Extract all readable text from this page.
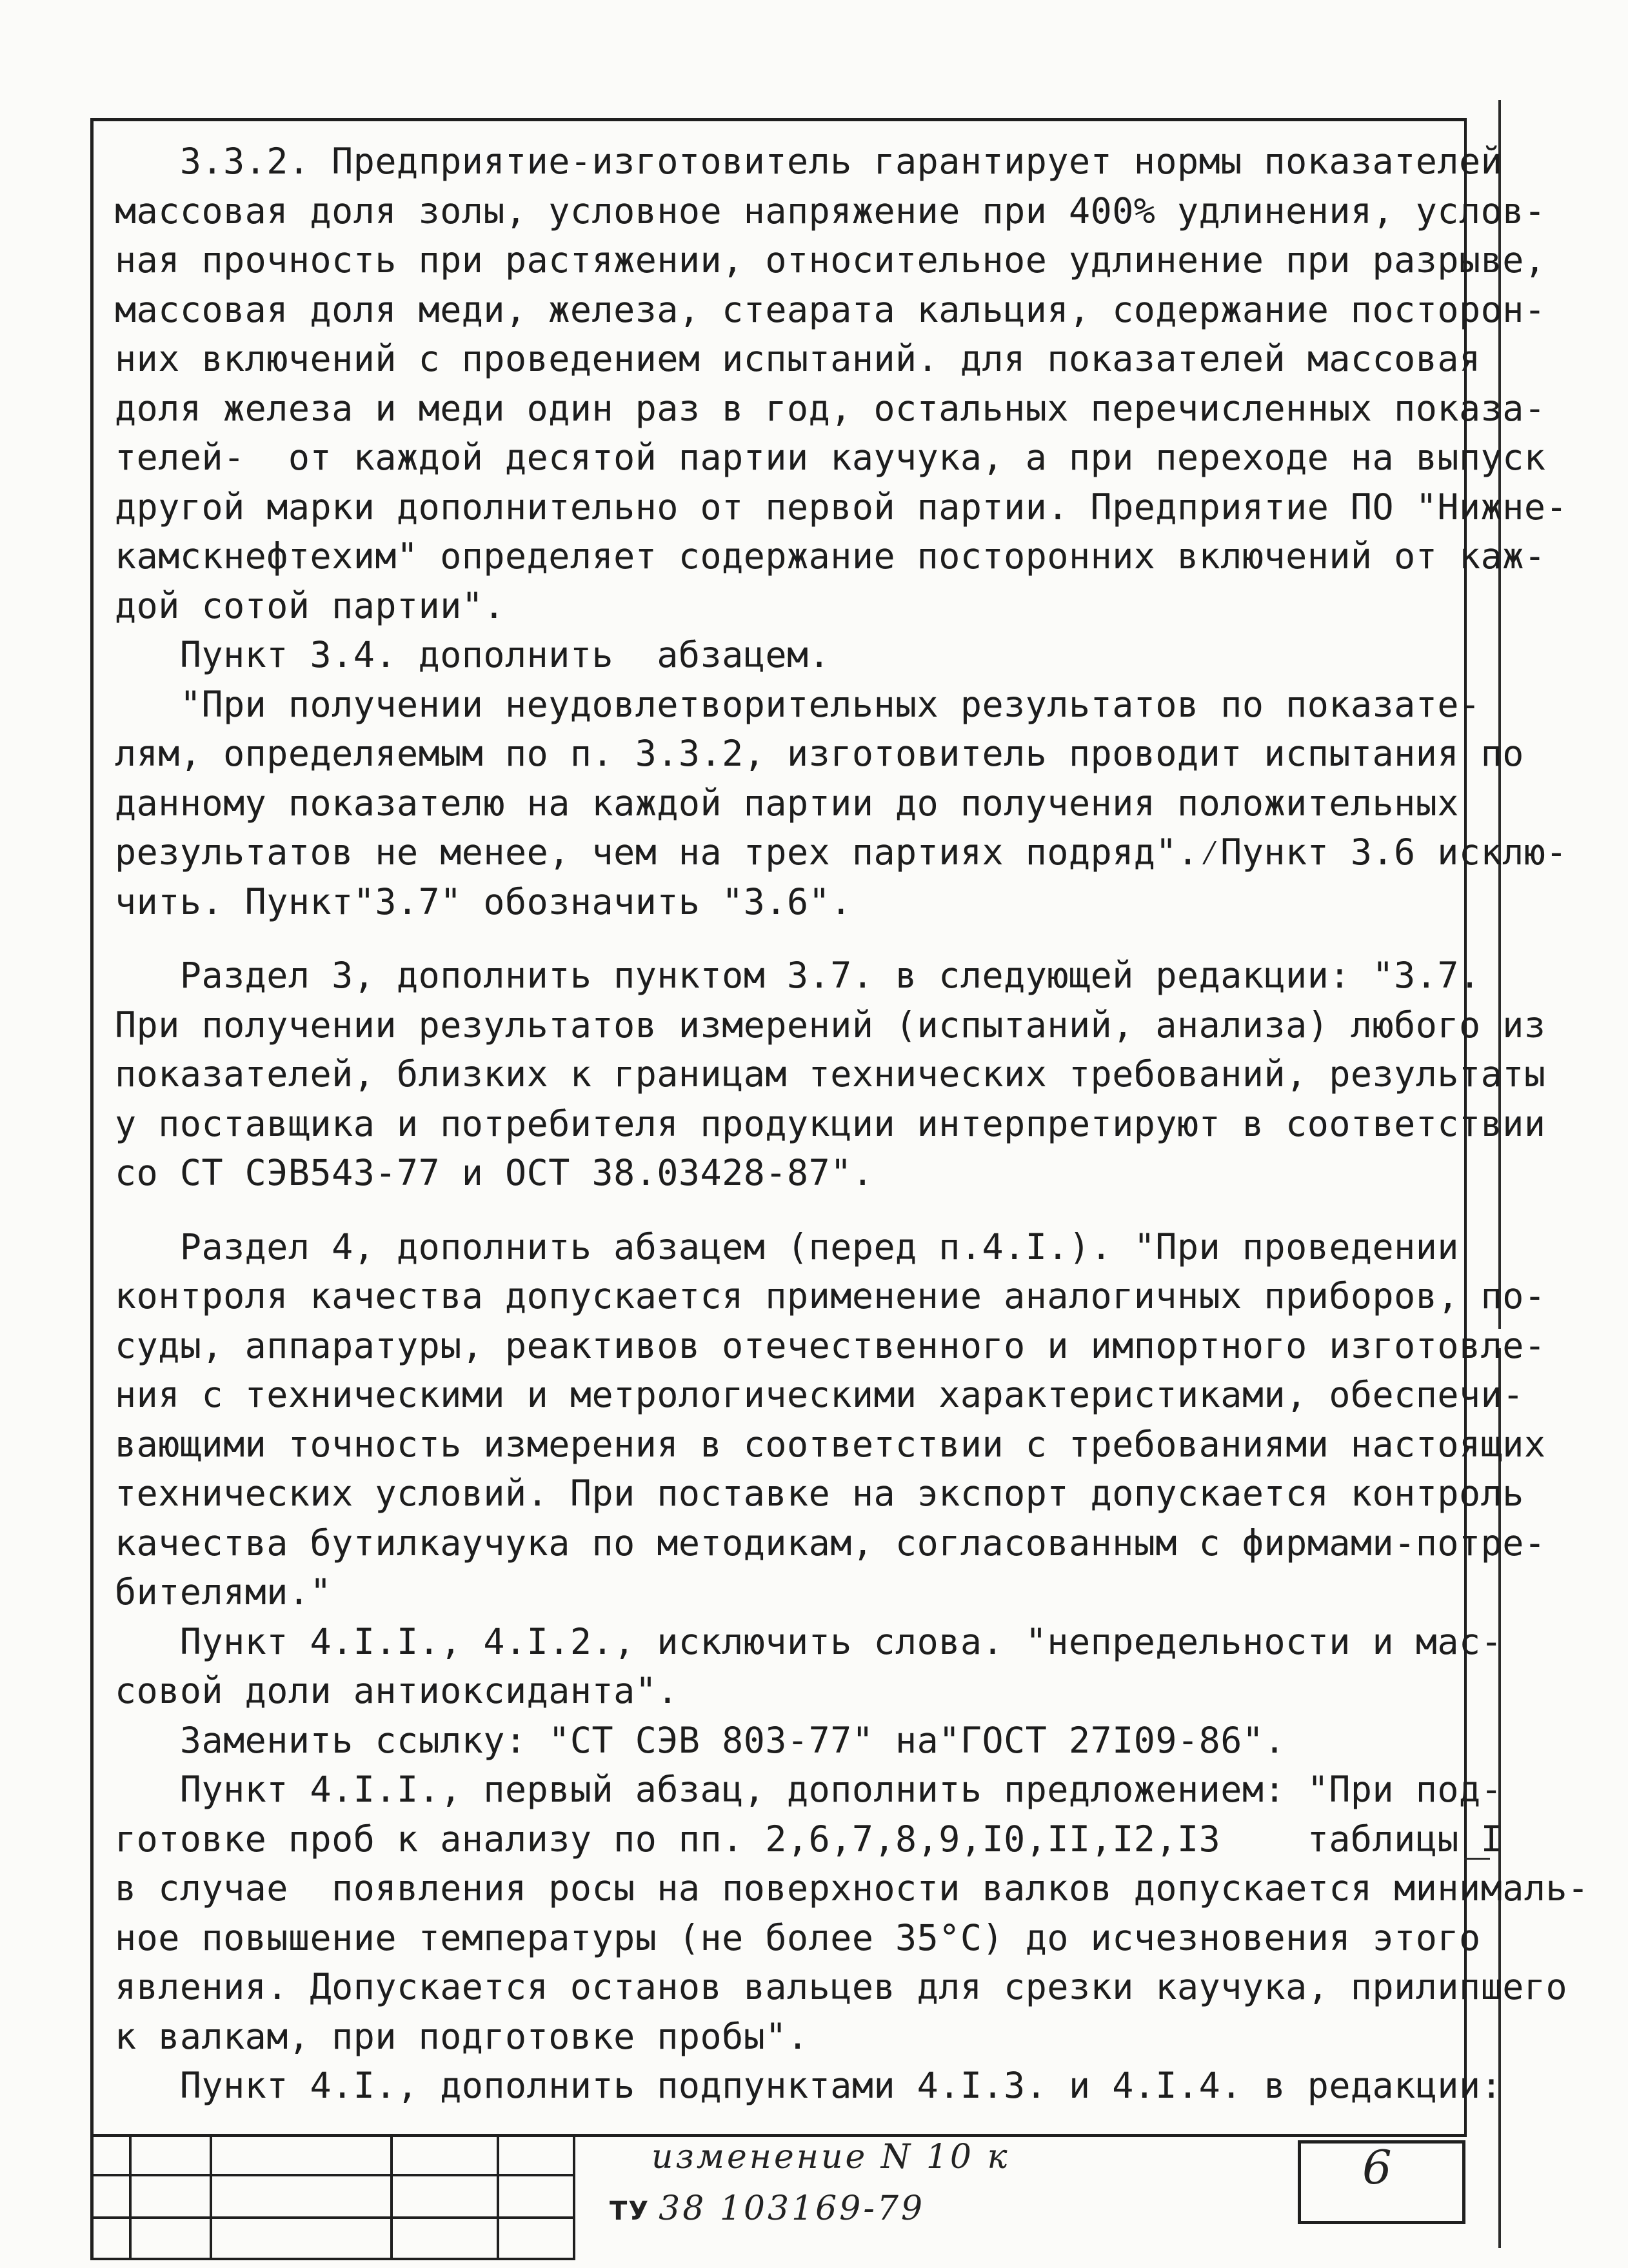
3.3.2. Предприятие-изготовитель гарантирует нормы показателей
массовая доля золы, условное напряжение при 400% удлинения, услов-
ная прочность при растяжении, относительное удлинение при разрыве,
массовая доля меди, железа, стеарата кальция, содержание посторон-
них включений с проведением испытаний. для показателей массовая
доля железа и меди один раз в год, остальных перечисленных показа-
телей-  от каждой десятой партии каучука, а при переходе на выпуск
другой марки дополнительно от первой партии. Предприятие ПО "Нижне-
камскнефтехим" определяет содержание посторонних включений от каж-
дой сотой партии".
Пункт 3.4. дополнить  абзацем.
"При получении неудовлетворительных результатов по показате-
лям, определяемым по п. 3.3.2, изготовитель проводит испытания по
данному показателю на каждой партии до получения положительных
результатов не менее, чем на трех партиях подряд".⁄Пункт 3.6 исклю-
чить. Пункт"3.7" обозначить "3.6".
Раздел 3, дополнить пунктом 3.7. в следующей редакции: "3.7.
При получении результатов измерений (испытаний, анализа) любого из
показателей, близких к границам технических требований, результаты
у поставщика и потребителя продукции интерпретируют в соответствии
со СТ СЭВ543-77 и ОСТ 38.03428-87".
Раздел 4, дополнить абзацем (перед п.4.I.). "При проведении
контроля качества допускается применение аналогичных приборов, по-
суды, аппаратуры, реактивов отечественного и импортного изготовле-
ния с техническими и метрологическими характеристиками, обеспечи-
вающими точность измерения в соответствии с требованиями настоящих
технических условий. При поставке на экспорт допускается контроль
качества бутилкаучука по методикам, согласованным с фирмами-потре-
бителями."
Пункт 4.I.I., 4.I.2., исключить слова. "непредельности и мас-
совой доли антиоксиданта".
Заменить ссылку: "СТ СЭВ 803-77" на"ГОСТ 27I09-86".
Пункт 4.I.I., первый абзац, дополнить предложением: "При под-
готовке проб к анализу по пп. 2,6,7,8,9,I0,II,I2,I3    таблицы I
в случае  появления росы на поверхности валков допускается минималь-
ное повышение температуры (не более 35°С) до исчезновения этого
явления. Допускается останов вальцев для срезки каучука, прилипшего
к валкам, при подготовке пробы".
Пункт 4.I., дополнить подпунктами 4.I.3. и 4.I.4. в редакции:
изменение N 10 к
ТУ 38 103169-79
6
